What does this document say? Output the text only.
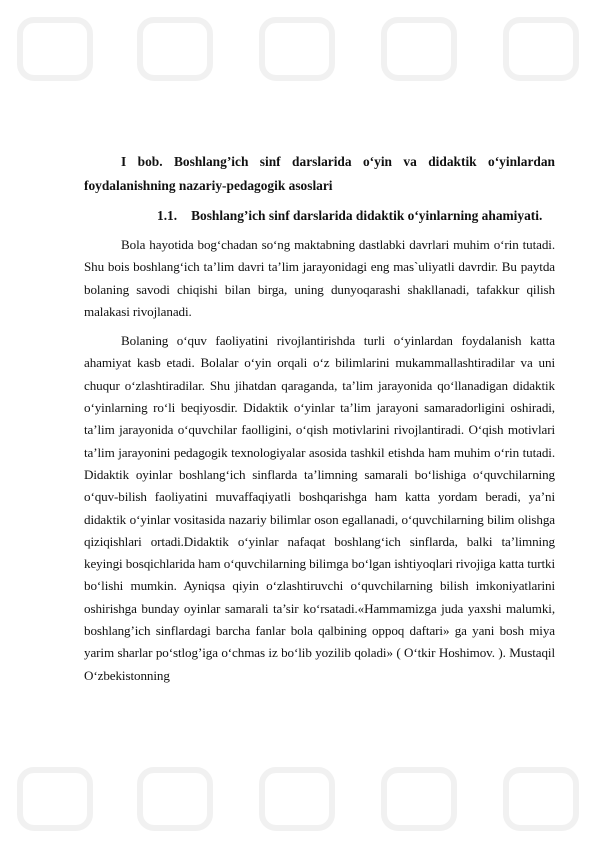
I bob. Boshlang’ich sinf darslarida o‘yin va didaktik o‘yinlardan foydalanishning nazariy-pedagogik asoslari
1.1. Boshlang’ich sinf darslarida didaktik o‘yinlarning ahamiyati.

Bola hayotida bog‘chadan so‘ng maktabning dastlabki davrlari muhim o‘rin tutadi. Shu bois boshlang‘ich ta’lim davri ta’lim jarayonidagi eng mas`uliyatli davrdir. Bu paytda bolaning savodi chiqishi bilan birga, uning dunyoqarashi shakllanadi, tafakkur qilish malakasi rivojlanadi.

Bolaning o‘quv faoliyatini rivojlantirishda turli o‘yinlardan foydalanish katta ahamiyat kasb etadi. Bolalar o‘yin orqali o‘z bilimlarini mukammallashtiradilar va uni chuqur o‘zlashtiradilar. Shu jihatdan qaraganda, ta’lim jarayonida qo‘llanadigan didaktik o‘yinlarning ro‘li beqiyosdir. Didaktik o‘yinlar ta’lim jarayoni samaradorligini oshiradi, ta’lim jarayonida o‘quvchilar faolligini, o‘qish motivlarini rivojlantiradi. O‘qish motivlari ta’lim jarayonini pedagogik texnologiyalar asosida tashkil etishda ham muhim o‘rin tutadi. Didaktik oyinlar boshlang‘ich sinflarda ta’limning samarali bo‘lishiga o‘quvchilarning o‘quv-bilish faoliyatini muvaffaqiyatli boshqarishga ham katta yordam beradi, ya’ni didaktik o‘yinlar vositasida nazariy bilimlar oson egallanadi, o‘quvchilarning bilim olishga qiziqishlari ortadi.Didaktik o‘yinlar nafaqat boshlang‘ich sinflarda, balki ta’limning keyingi bosqichlarida ham o‘quvchilarning bilimga bo‘lgan ishtiyoqlari rivojiga katta turtki bo‘lishi mumkin. Ayniqsa qiyin o‘zlashtiruvchi o‘quvchilarning bilish imkoniyatlarini oshirishga bunday oyinlar samarali ta’sir ko‘rsatadi.«Hammamizga juda yaxshi malumki, boshlang’ich sinflardagi barcha fanlar bola qalbining oppoq daftari» ga yani bosh miya yarim sharlar po‘stlog’iga o‘chmas iz bo‘lib yozilib qoladi» ( O‘tkir Hoshimov. ). Mustaqil O‘zbekistonning
